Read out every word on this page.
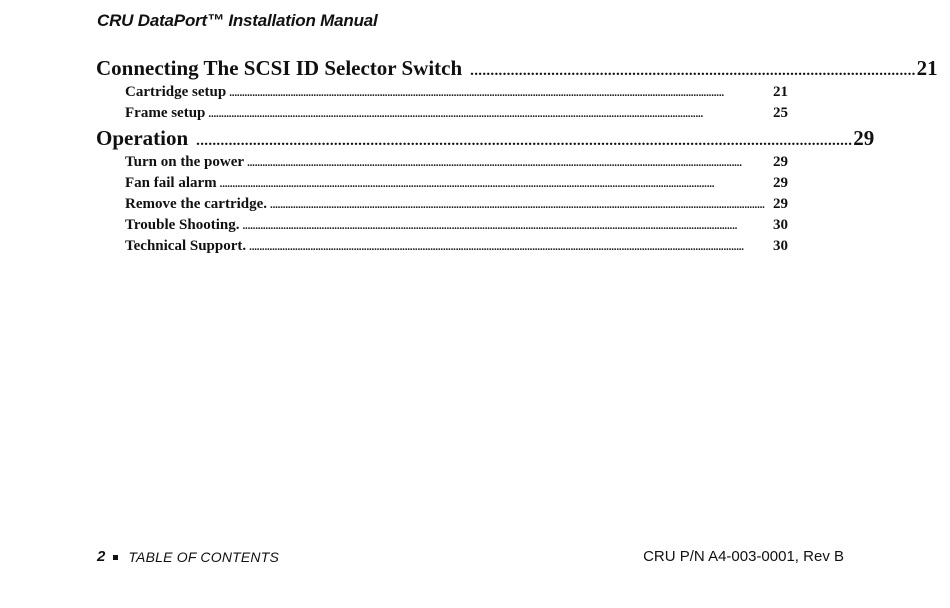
CRU DataPort™ Installation Manual
Connecting The SCSI ID Selector Switch .............................................................................................................. 21
Cartridge setup ..................................................................................................................................................................................................	21
Frame setup ..................................................................................................................................................................................................	25
Operation .................................................................................................................................................................. 29
Turn on the power ..................................................................................................................................................................................................	29
Fan fail alarm ..................................................................................................................................................................................................	29
Remove the cartridge. .................................................................................................................................................................................................. 29
Trouble Shooting. ..................................................................................................................................................................................................	30
Technical Support. ..................................................................................................................................................................................................	30
2 TABLE OF CONTENTS	CRU P/N A4-003-0001, Rev B
